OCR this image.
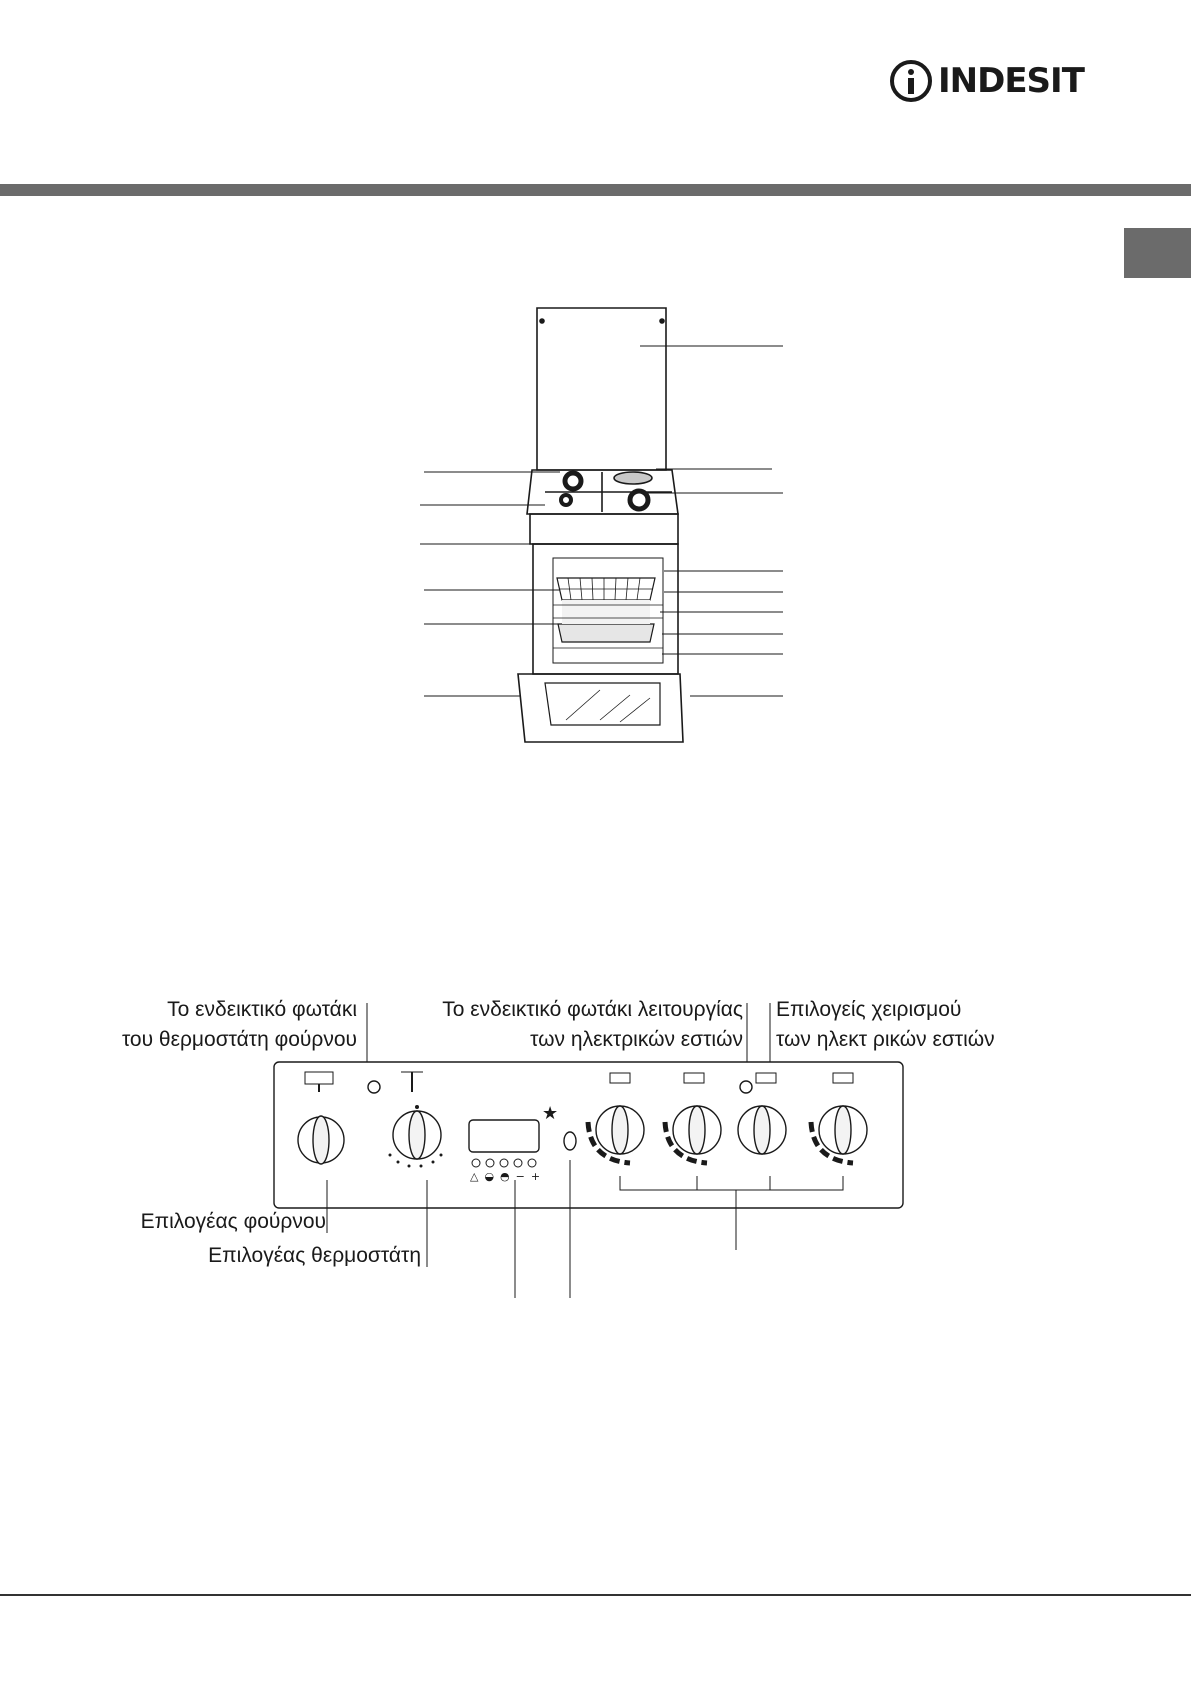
INDESIT
Το ενδεικτικό φωτάκι
του θερμοστάτη φούρνου
Το ενδεικτικό φωτάκι λειτουργίας
των ηλεκτρικών εστιών
Επιλογείς χειρισμού
των ηλεκτ ρικών εστιών
Επιλογέας φούρνου
Επιλογέας θερμοστάτη
△◒◓−+
★
